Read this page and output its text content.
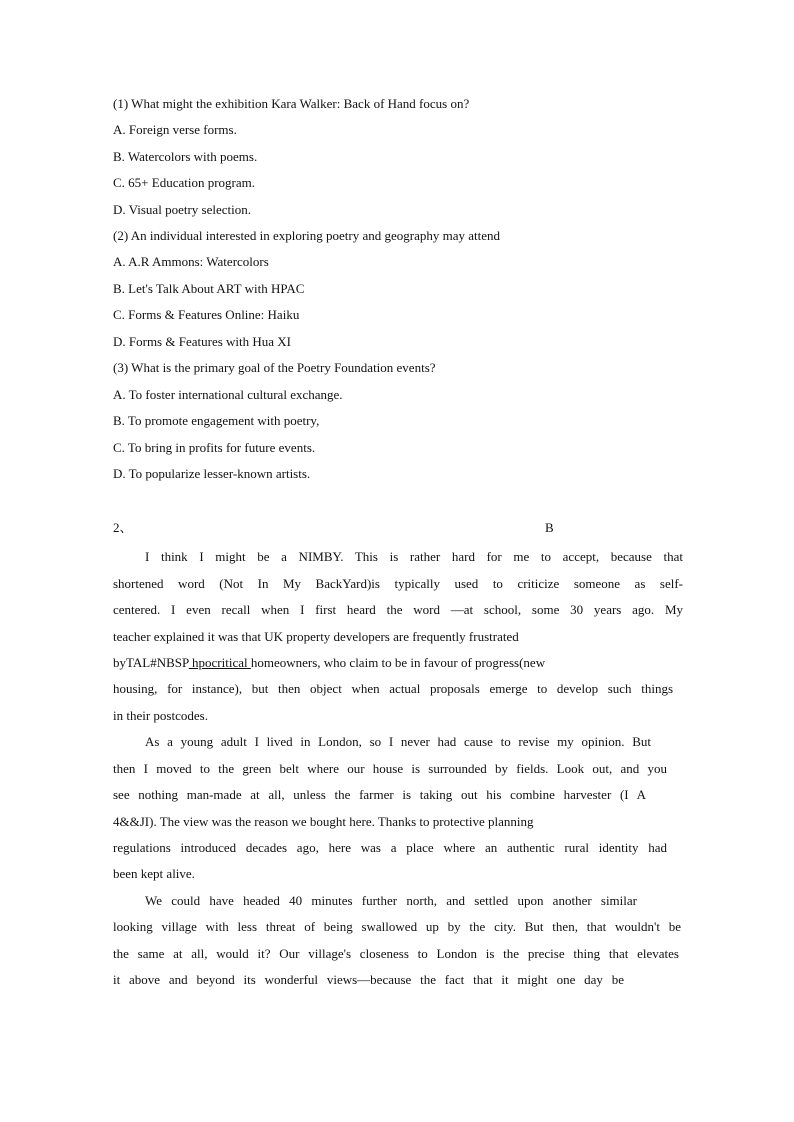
(1) What might the exhibition Kara Walker: Back of Hand focus on?
A. Foreign verse forms.
B. Watercolors with poems.
C. 65+ Education program.
D. Visual poetry selection.
(2) An individual interested in exploring poetry and geography may attend
A. A.R Ammons: Watercolors
B. Let's Talk About ART with HPAC
C. Forms & Features Online: Haiku
D. Forms & Features with Hua XI
(3) What is the primary goal of the Poetry Foundation events?
A. To foster international cultural exchange.
B. To promote engagement with poetry,
C. To bring in profits for future events.
D. To popularize lesser-known artists.
2、	B
I think I might be a NIMBY. This is rather hard for me to accept, because that
shortened word (Not In My BackYard)is typically used to criticize someone as self-
centered. I even recall when I first heard the word —at school, some 30 years ago. My
teacher explained it was that UK property developers are frequently frustrated
byTAL#NBSP hpocritical homeowners, who claim to be in favour of progress(new
housing, for instance), but then object when actual proposals emerge to develop such things
in their postcodes.
As a young adult I lived in London, so I never had cause to revise my opinion. But
then I moved to the green belt where our house is surrounded by fields. Look out, and you
see nothing man-made at all, unless the farmer is taking out his combine harvester (I A
4&&JI). The view was the reason we bought here. Thanks to protective planning
regulations introduced decades ago, here was a place where an authentic rural identity had
been kept alive.
We could have headed 40 minutes further north, and settled upon another similar
looking village with less threat of being swallowed up by the city. But then, that wouldn't be
the same at all, would it? Our village's closeness to London is the precise thing that elevates
it above and beyond its wonderful views—because the fact that it might one day be
